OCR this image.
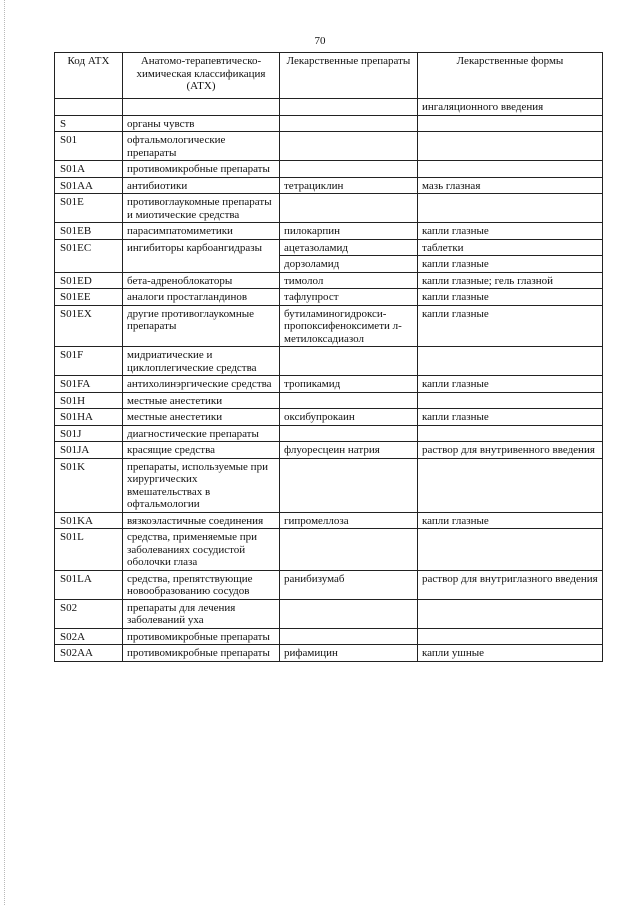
70
Код АТХ	Анатомо-терапевтическо-химическая классификация (АТХ)	Лекарственные препараты	Лекарственные формы
			ингаляционного введения
S	органы чувств		
S01	офтальмологические препараты		
S01A	противомикробные препараты		
S01AA	антибиотики	тетрациклин	мазь глазная
S01E	противоглаукомные препараты и миотические средства		
S01EB	парасимпатомиметики	пилокарпин	капли глазные
S01EC	ингибиторы карбоангидразы	ацетазоламид	таблетки
		дорзоламид	капли глазные
S01ED	бета-адреноблокаторы	тимолол	капли глазные; гель глазной
S01EE	аналоги простагландинов	тафлупрост	капли глазные
S01EX	другие противоглаукомные препараты	бутиламиногидрокси-пропоксифеноксимети л-метилоксадиазол	капли глазные
S01F	мидриатические и циклоплегические средства		
S01FA	антихолинэргические средства	тропикамид	капли глазные
S01H	местные анестетики		
S01HA	местные анестетики	оксибупрокаин	капли глазные
S01J	диагностические препараты		
S01JA	красящие средства	флуоресцеин натрия	раствор для внутривенного введения
S01K	препараты, используемые при хирургических вмешательствах в офтальмологии		
S01KA	вязкоэластичные соединения	гипромеллоза	капли глазные
S01L	средства, применяемые при заболеваниях сосудистой оболочки глаза		
S01LA	средства, препятствующие новообразованию сосудов	ранибизумаб	раствор для внутриглазного введения
S02	препараты для лечения заболеваний уха		
S02A	противомикробные препараты		
S02AA	противомикробные препараты	рифамицин	капли ушные
